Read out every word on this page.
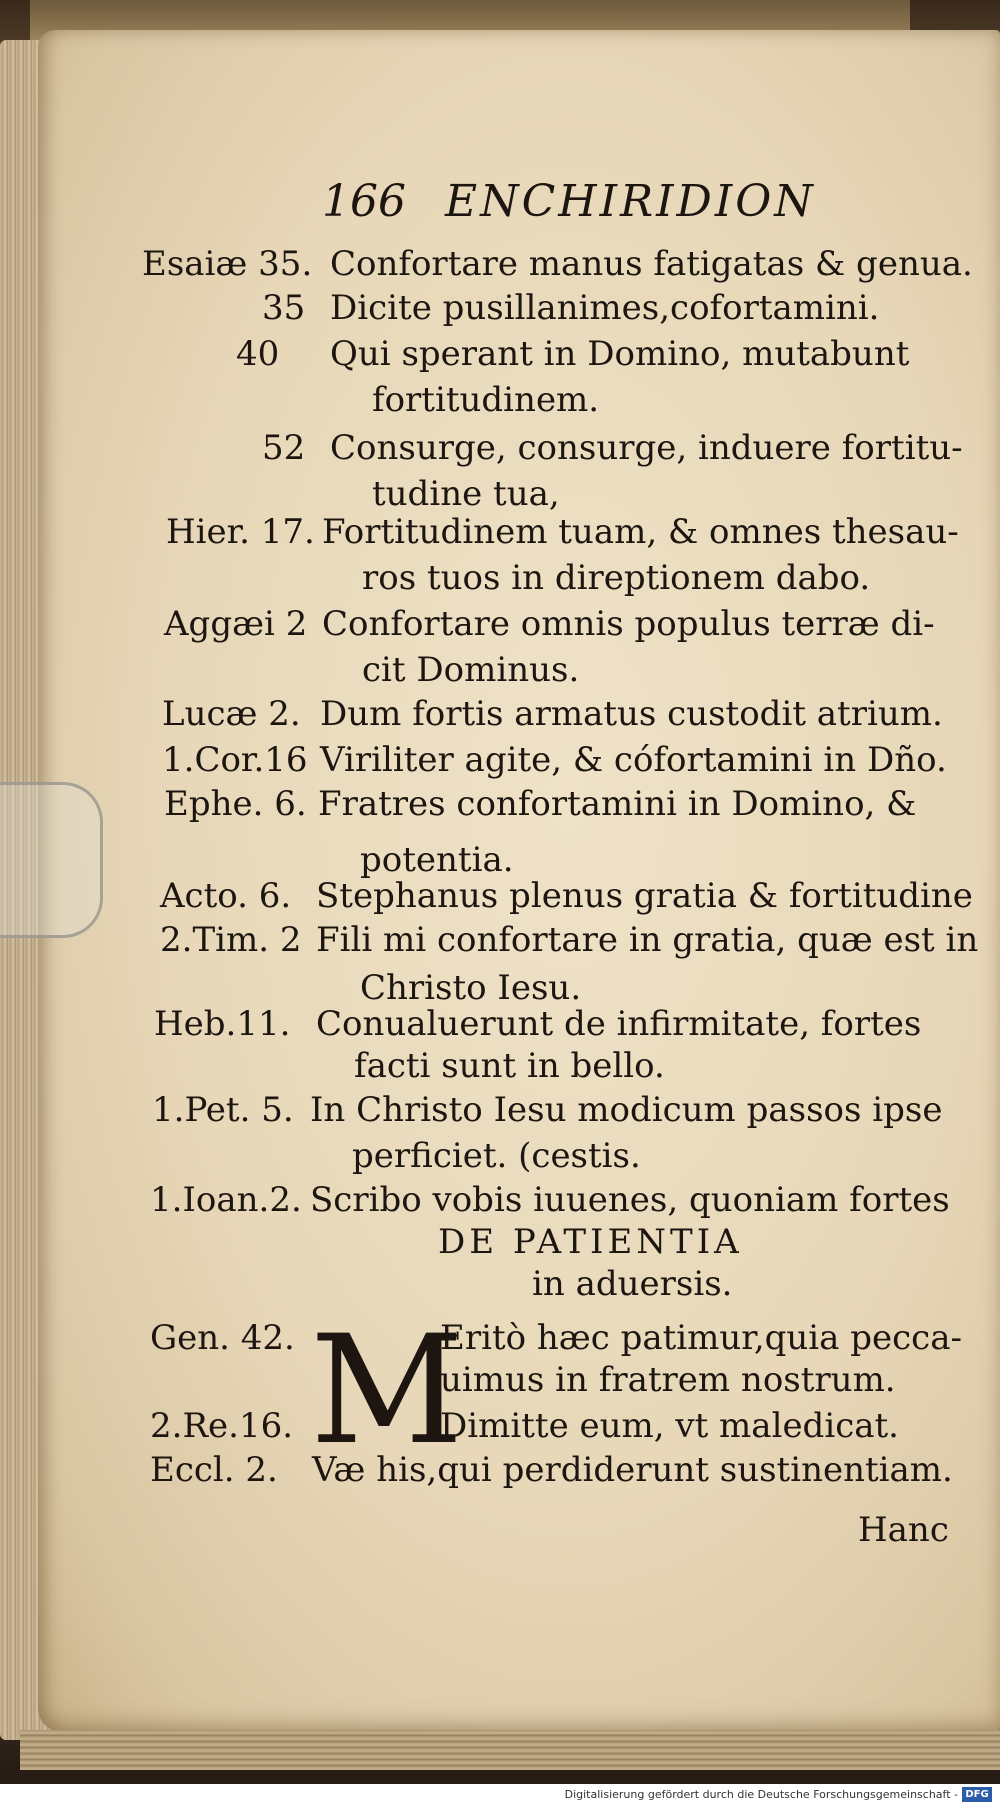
166 ENCHIRIDION
Esaiæ 35. Confortare manus fatigatas & genua.
35 Dicite pusillanimes,cofortamini.
40 Qui sperant in Domino, mutabunt
fortitudinem.
52 Consurge, consurge, induere fortitu-
tudine tua,
Hier. 17. Fortitudinem tuam, & omnes thesau-
ros tuos in direptionem dabo.
Aggæi 2 Confortare omnis populus terræ di-
cit Dominus.
Lucæ 2. Dum fortis armatus custodit atrium.
1.Cor.16 Viriliter agite, & cófortamini in Dño.
Ephe. 6. Fratres confortamini in Domino, &
potentia.
Acto. 6. Stephanus plenus gratia & fortitudine
2.Tim. 2 Fili mi confortare in gratia, quæ est in
Christo Iesu.
Heb.11. Conualuerunt de infirmitate, fortes
facti sunt in bello.
1.Pet. 5. In Christo Iesu modicum passos ipse
perficiet. (cestis.
1.Ioan.2. Scribo vobis iuuenes, quoniam fortes
DE PATIENTIA
in aduersis.
M
Gen. 42.	Eritò hæc patimur,quia pecca-
uimus in fratrem nostrum.
2.Re.16.	Dimitte eum, vt maledicat.
Eccl. 2. Væ his,qui perdiderunt sustinentiam.
Hanc
Digitalisierung gefördert durch die Deutsche Forschungsgemeinschaft -
DFG
